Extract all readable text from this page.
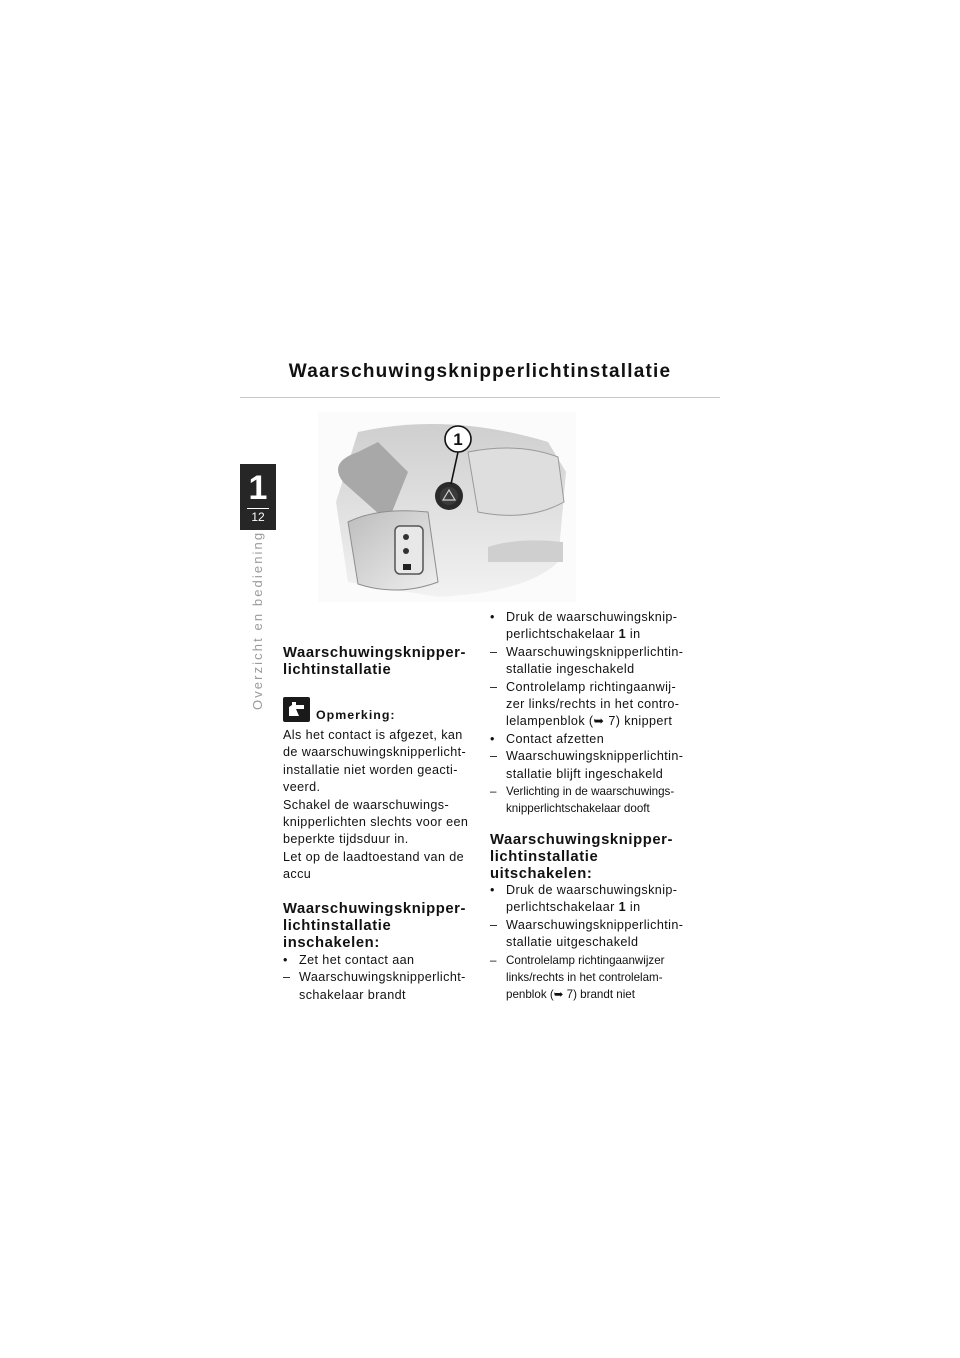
Waarschuwingsknipperlichtinstallatie
1
12
Overzicht en bediening
1
Waarschuwingsknipper-
lichtinstallatie
Opmerking:

Als het contact is afgezet, kan

de waarschuwingsknipperlicht-

installatie niet worden geacti-

veerd.

Schakel de waarschuwings-

knipperlichten slechts voor een

beperkte tijdsduur in.

Let op de laadtoestand van de

accu

Waarschuwingsknipper-
lichtinstallatie
inschakelen:
• Zet het contact aan
– Waarschuwingsknipperlicht-
schakelaar brandt
• Druk de waarschuwingsknip-
perlichtschakelaar 1 in
– Waarschuwingsknipperlichtin-
stallatie ingeschakeld
– Controlelamp richtingaanwij-
zer links/rechts in het contro-
lelampenblok (➥ 7) knippert
• Contact afzetten
– Waarschuwingsknipperlichtin-
stallatie blijft ingeschakeld
– Verlichting in de waarschuwings-
knipperlichtschakelaar dooft
Waarschuwingsknipper-
lichtinstallatie
uitschakelen:
• Druk de waarschuwingsknip-
perlichtschakelaar 1 in
– Waarschuwingsknipperlichtin-
stallatie uitgeschakeld
– Controlelamp richtingaanwijzer
links/rechts in het controlelam-
penblok (➥ 7) brandt niet
